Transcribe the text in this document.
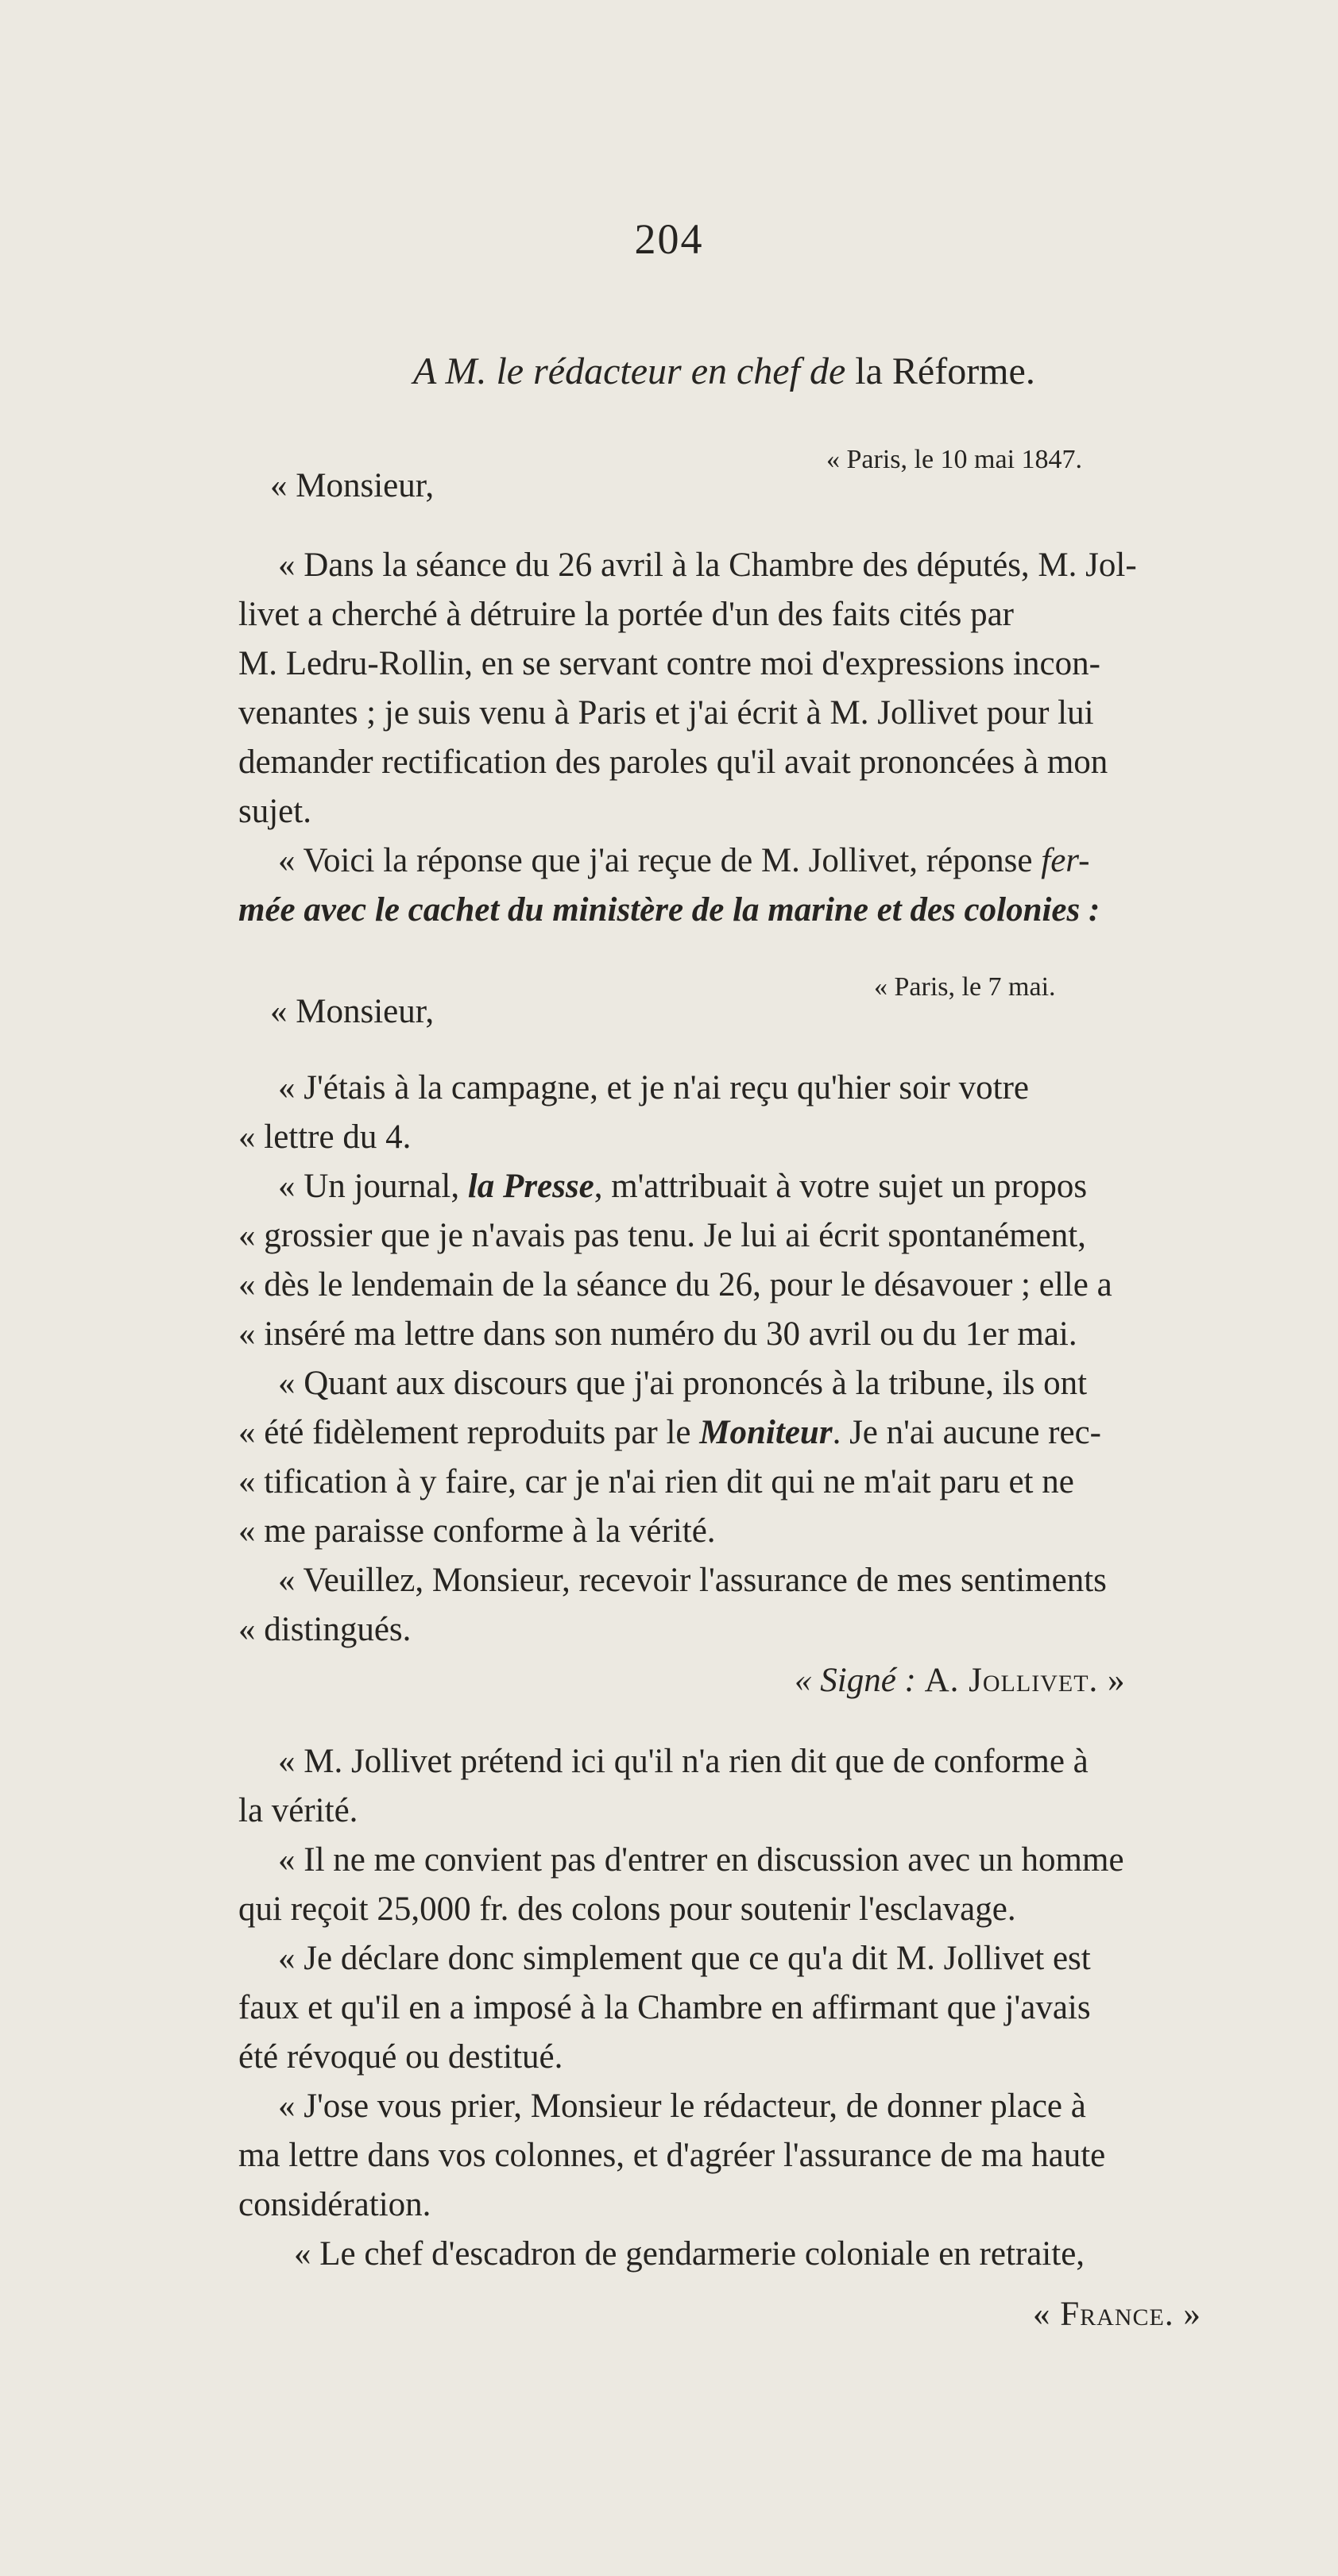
204
A M. le rédacteur en chef de la Réforme.
« Paris, le 10 mai 1847.
« Monsieur,
« Dans la séance du 26 avril à la Chambre des députés, M. Jol-
livet a cherché à détruire la portée d'un des faits cités par
M. Ledru-Rollin, en se servant contre moi d'expressions incon-
venantes ; je suis venu à Paris et j'ai écrit à M. Jollivet pour lui
demander rectification des paroles qu'il avait prononcées à mon
sujet.
« Voici la réponse que j'ai reçue de M. Jollivet, réponse fer-
mée avec le cachet du ministère de la marine et des colonies :
« Paris, le 7 mai.
« Monsieur,
« J'étais à la campagne, et je n'ai reçu qu'hier soir votre
« lettre du 4.
« Un journal, la Presse, m'attribuait à votre sujet un propos
« grossier que je n'avais pas tenu. Je lui ai écrit spontanément,
« dès le lendemain de la séance du 26, pour le désavouer ; elle a
« inséré ma lettre dans son numéro du 30 avril ou du 1er mai.
« Quant aux discours que j'ai prononcés à la tribune, ils ont
« été fidèlement reproduits par le Moniteur. Je n'ai aucune rec-
« tification à y faire, car je n'ai rien dit qui ne m'ait paru et ne
« me paraisse conforme à la vérité.
« Veuillez, Monsieur, recevoir l'assurance de mes sentiments
« distingués.
« Signé : A. Jollivet. »
« M. Jollivet prétend ici qu'il n'a rien dit que de conforme à
la vérité.
« Il ne me convient pas d'entrer en discussion avec un homme
qui reçoit 25,000 fr. des colons pour soutenir l'esclavage.
« Je déclare donc simplement que ce qu'a dit M. Jollivet est
faux et qu'il en a imposé à la Chambre en affirmant que j'avais
été révoqué ou destitué.
« J'ose vous prier, Monsieur le rédacteur, de donner place à
ma lettre dans vos colonnes, et d'agréer l'assurance de ma haute
considération.
« Le chef d'escadron de gendarmerie coloniale en retraite,
« France. »
